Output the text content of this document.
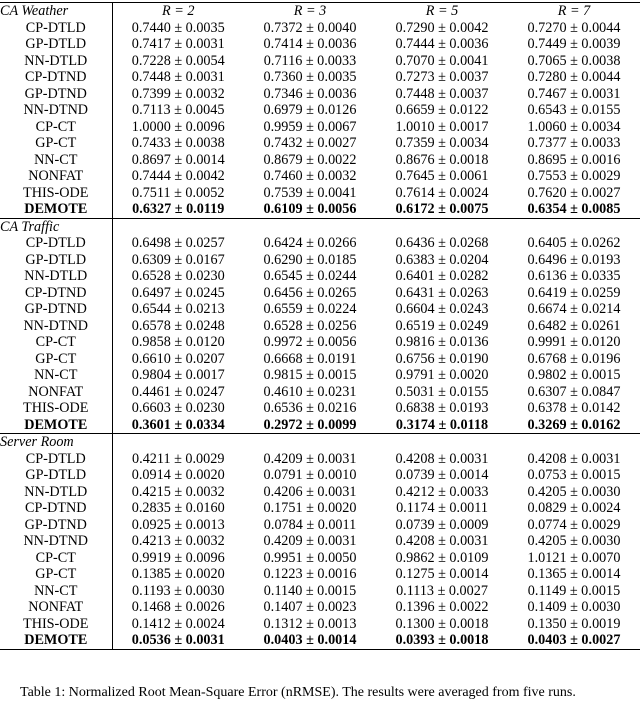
CA Weather	R = 2	R = 3	R = 5	R = 7
CP-DTLD	0.7440 ± 0.0035	0.7372 ± 0.0040	0.7290 ± 0.0042	0.7270 ± 0.0044
GP-DTLD	0.7417 ± 0.0031	0.7414 ± 0.0036	0.7444 ± 0.0036	0.7449 ± 0.0039
NN-DTLD	0.7228 ± 0.0054	0.7116 ± 0.0033	0.7070 ± 0.0041	0.7065 ± 0.0038
CP-DTND	0.7448 ± 0.0031	0.7360 ± 0.0035	0.7273 ± 0.0037	0.7280 ± 0.0044
GP-DTND	0.7399 ± 0.0032	0.7346 ± 0.0036	0.7448 ± 0.0037	0.7467 ± 0.0031
NN-DTND	0.7113 ± 0.0045	0.6979 ± 0.0126	0.6659 ± 0.0122	0.6543 ± 0.0155
CP-CT	1.0000 ± 0.0096	0.9959 ± 0.0067	1.0010 ± 0.0017	1.0060 ± 0.0034
GP-CT	0.7433 ± 0.0038	0.7432 ± 0.0027	0.7359 ± 0.0034	0.7377 ± 0.0033
NN-CT	0.8697 ± 0.0014	0.8679 ± 0.0022	0.8676 ± 0.0018	0.8695 ± 0.0016
NONFAT	0.7444 ± 0.0042	0.7460 ± 0.0032	0.7645 ± 0.0061	0.7553 ± 0.0029
THIS-ODE	0.7511 ± 0.0052	0.7539 ± 0.0041	0.7614 ± 0.0024	0.7620 ± 0.0027
DEMOTE	0.6327 ± 0.0119	0.6109 ± 0.0056	0.6172 ± 0.0075	0.6354 ± 0.0085
CA Traffic				
CP-DTLD	0.6498 ± 0.0257	0.6424 ± 0.0266	0.6436 ± 0.0268	0.6405 ± 0.0262
GP-DTLD	0.6309 ± 0.0167	0.6290 ± 0.0185	0.6383 ± 0.0204	0.6496 ± 0.0193
NN-DTLD	0.6528 ± 0.0230	0.6545 ± 0.0244	0.6401 ± 0.0282	0.6136 ± 0.0335
CP-DTND	0.6497 ± 0.0245	0.6456 ± 0.0265	0.6431 ± 0.0263	0.6419 ± 0.0259
GP-DTND	0.6544 ± 0.0213	0.6559 ± 0.0224	0.6604 ± 0.0243	0.6674 ± 0.0214
NN-DTND	0.6578 ± 0.0248	0.6528 ± 0.0256	0.6519 ± 0.0249	0.6482 ± 0.0261
CP-CT	0.9858 ± 0.0120	0.9972 ± 0.0056	0.9816 ± 0.0136	0.9991 ± 0.0120
GP-CT	0.6610 ± 0.0207	0.6668 ± 0.0191	0.6756 ± 0.0190	0.6768 ± 0.0196
NN-CT	0.9804 ± 0.0017	0.9815 ± 0.0015	0.9791 ± 0.0020	0.9802 ± 0.0015
NONFAT	0.4461 ± 0.0247	0.4610 ± 0.0231	0.5031 ± 0.0155	0.6307 ± 0.0847
THIS-ODE	0.6603 ± 0.0230	0.6536 ± 0.0216	0.6838 ± 0.0193	0.6378 ± 0.0142
DEMOTE	0.3601 ± 0.0334	0.2972 ± 0.0099	0.3174 ± 0.0118	0.3269 ± 0.0162
Server Room				
CP-DTLD	0.4211 ± 0.0029	0.4209 ± 0.0031	0.4208 ± 0.0031	0.4208 ± 0.0031
GP-DTLD	0.0914 ± 0.0020	0.0791 ± 0.0010	0.0739 ± 0.0014	0.0753 ± 0.0015
NN-DTLD	0.4215 ± 0.0032	0.4206 ± 0.0031	0.4212 ± 0.0033	0.4205 ± 0.0030
CP-DTND	0.2835 ± 0.0160	0.1751 ± 0.0020	0.1174 ± 0.0011	0.0829 ± 0.0024
GP-DTND	0.0925 ± 0.0013	0.0784 ± 0.0011	0.0739 ± 0.0009	0.0774 ± 0.0029
NN-DTND	0.4213 ± 0.0032	0.4209 ± 0.0031	0.4208 ± 0.0031	0.4205 ± 0.0030
CP-CT	0.9919 ± 0.0096	0.9951 ± 0.0050	0.9862 ± 0.0109	1.0121 ± 0.0070
GP-CT	0.1385 ± 0.0020	0.1223 ± 0.0016	0.1275 ± 0.0014	0.1365 ± 0.0014
NN-CT	0.1193 ± 0.0030	0.1140 ± 0.0015	0.1113 ± 0.0027	0.1149 ± 0.0015
NONFAT	0.1468 ± 0.0026	0.1407 ± 0.0023	0.1396 ± 0.0022	0.1409 ± 0.0030
THIS-ODE	0.1412 ± 0.0024	0.1312 ± 0.0013	0.1300 ± 0.0018	0.1350 ± 0.0019
DEMOTE	0.0536 ± 0.0031	0.0403 ± 0.0014	0.0393 ± 0.0018	0.0403 ± 0.0027
Table 1: Normalized Root Mean-Square Error (nRMSE). The results were averaged from five runs.
